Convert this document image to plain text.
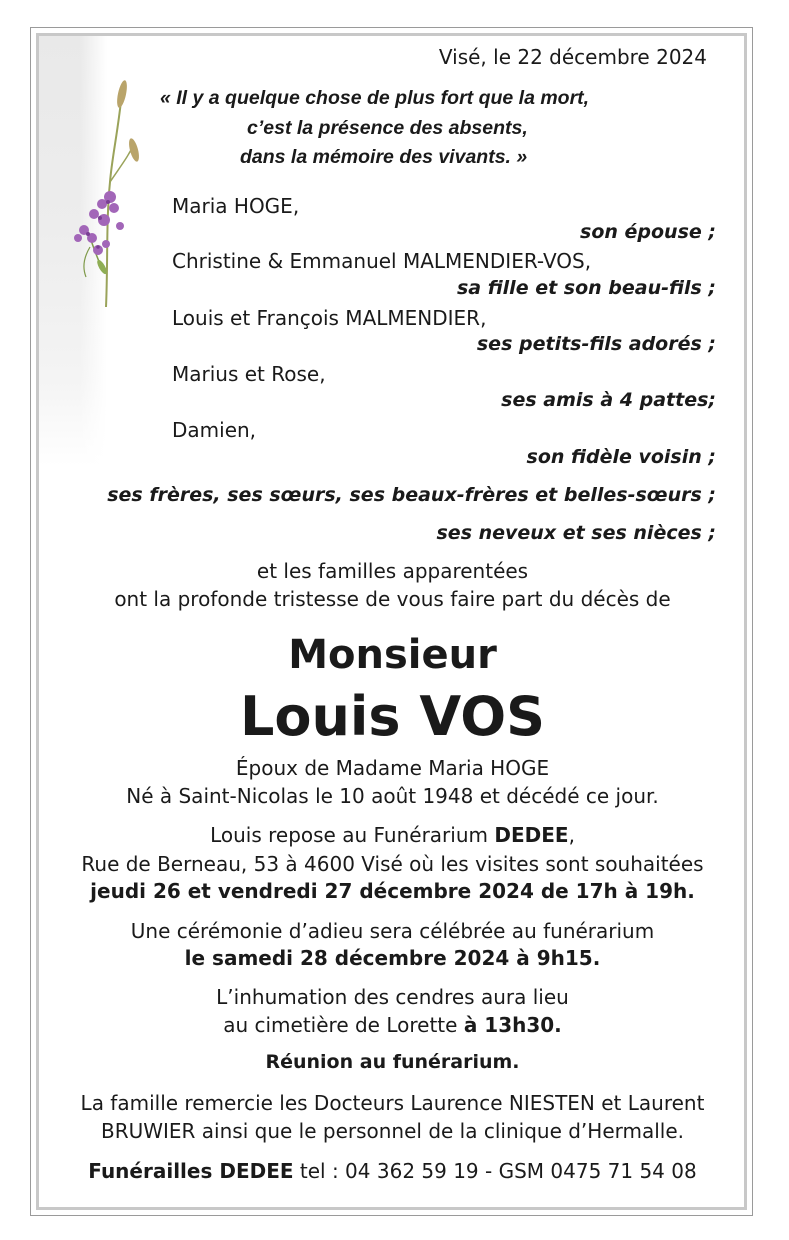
Visé, le 22 décembre 2024
« Il y a quelque chose de plus fort que la mort,
c’est la présence des absents,
dans la mémoire des vivants. »
Maria HOGE,
son épouse ;
Christine & Emmanuel MALMENDIER-VOS,
sa fille et son beau-fils ;
Louis et François MALMENDIER,
ses petits-fils adorés ;
Marius et Rose,
ses amis à 4 pattes;
Damien,
son fidèle voisin ;
ses frères, ses sœurs, ses beaux-frères et belles-sœurs ;
ses neveux et ses nièces ;
et les familles apparentées
ont la profonde tristesse de vous faire part du décès de
Monsieur
Louis VOS
Époux de Madame Maria HOGE
Né à Saint-Nicolas le 10 août 1948 et décédé ce jour.
Louis repose au Funérarium DEDEE,
Rue de Berneau, 53 à 4600 Visé où les visites sont souhaitées
jeudi 26 et vendredi 27 décembre 2024 de 17h à 19h.
Une cérémonie d’adieu sera célébrée au funérarium
le samedi 28 décembre 2024 à 9h15.
L’inhumation des cendres aura lieu
au cimetière de Lorette à 13h30.
Réunion au funérarium.
La famille remercie les Docteurs Laurence NIESTEN et Laurent
BRUWIER ainsi que le personnel de la clinique d’Hermalle.
Funérailles DEDEE tel : 04 362 59 19 - GSM 0475 71 54 08
